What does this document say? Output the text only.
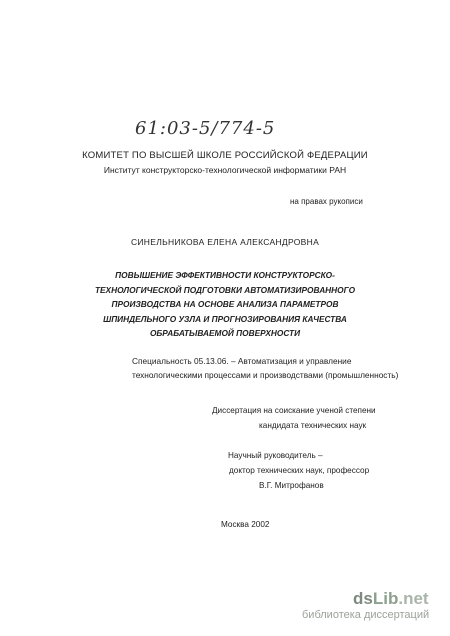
61:03-5/774-5
КОМИТЕТ ПО ВЫСШЕЙ ШКОЛЕ РОССИЙСКОЙ ФЕДЕРАЦИИ
Институт конструкторско-технологической информатики РАН
на правах рукописи
СИНЕЛЬНИКОВА ЕЛЕНА АЛЕКСАНДРОВНА
ПОВЫШЕНИЕ ЭФФЕКТИВНОСТИ КОНСТРУКТОРСКО-
ТЕХНОЛОГИЧЕСКОЙ ПОДГОТОВКИ АВТОМАТИЗИРОВАННОГО
ПРОИЗВОДСТВА НА ОСНОВЕ АНАЛИЗА ПАРАМЕТРОВ
ШПИНДЕЛЬНОГО УЗЛА И ПРОГНОЗИРОВАНИЯ КАЧЕСТВА
ОБРАБАТЫВАЕМОЙ ПОВЕРХНОСТИ
Специальность 05.13.06. – Автоматизация и управление
технологическими процессами и производствами (промышленность)
Диссертация на соискание ученой степени
кандидата технических наук
Научный руководитель –
доктор технических наук, профессор
В.Г. Митрофанов
Москва 2002
dsLib.net
библиотека диссертаций
